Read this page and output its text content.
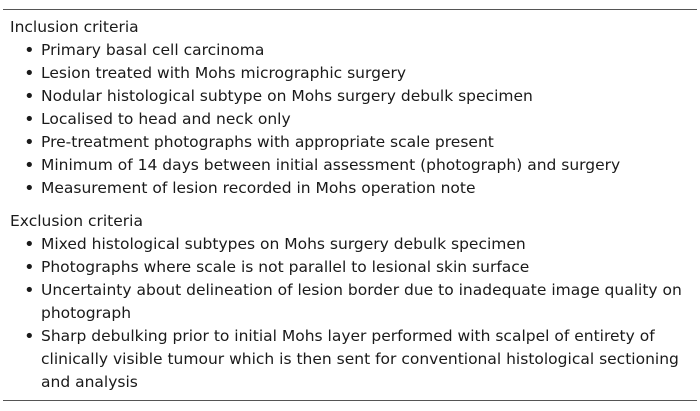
Inclusion criteria

• Primary basal cell carcinoma
• Lesion treated with Mohs micrographic surgery
• Nodular histological subtype on Mohs surgery debulk specimen
• Localised to head and neck only
• Pre-treatment photographs with appropriate scale present
• Minimum of 14 days between initial assessment (photograph) and surgery
• Measurement of lesion recorded in Mohs operation note

Exclusion criteria

• Mixed histological subtypes on Mohs surgery debulk specimen
• Photographs where scale is not parallel to lesional skin surface
• Uncertainty about delineation of lesion border due to inadequate image quality on photograph
• Sharp debulking prior to initial Mohs layer performed with scalpel of entirety of clinically visible tumour which is then sent for conventional histological sectioning and analysis
